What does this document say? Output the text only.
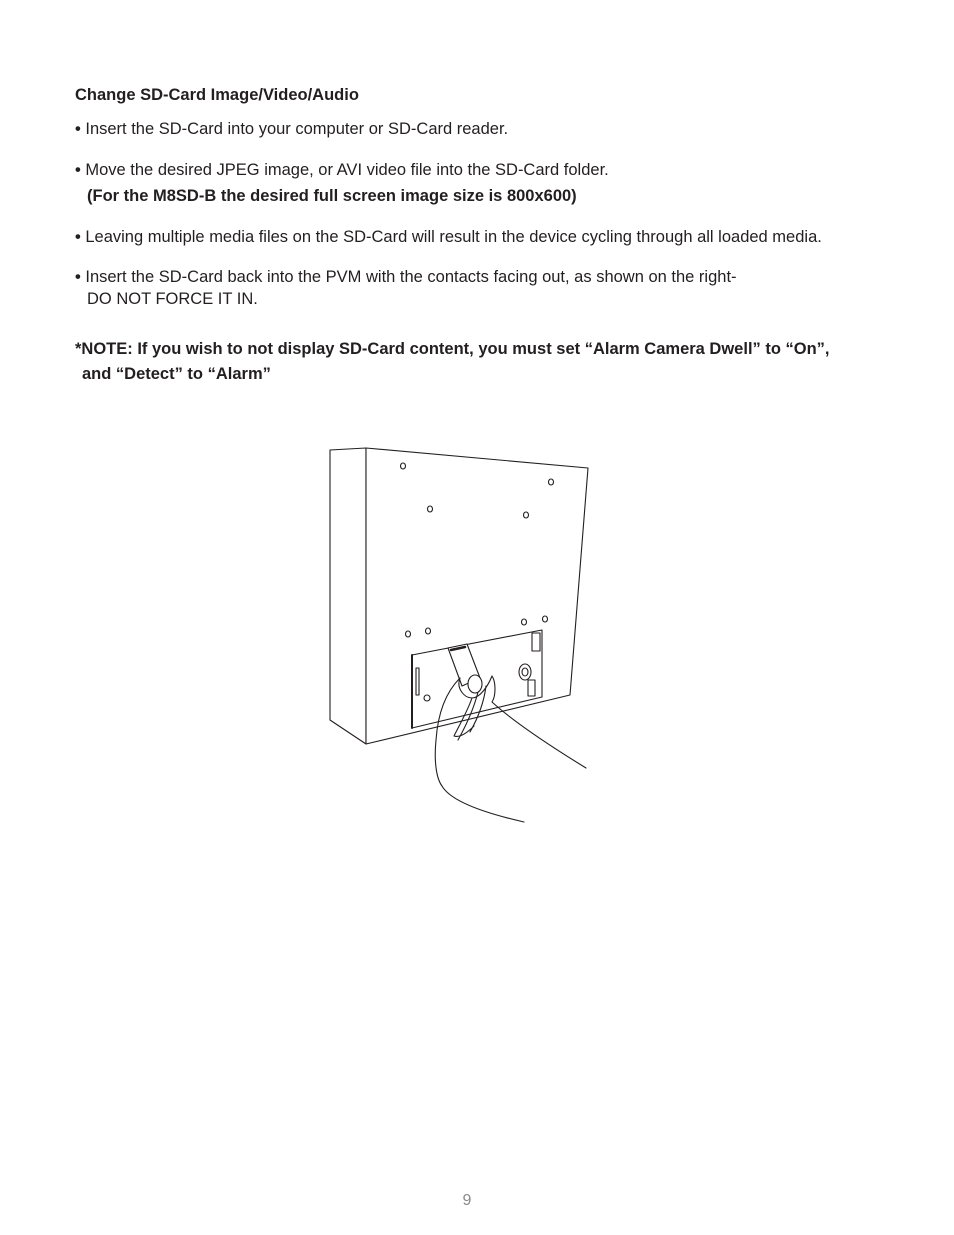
Change SD-Card Image/Video/Audio
• Insert the SD-Card into your computer or SD-Card reader.
• Move the desired JPEG image, or AVI video file into the SD-Card folder.
(For the M8SD-B the desired full screen image size is 800x600)
• Leaving multiple media files on the SD-Card will result in the device cycling through all loaded media.
• Insert the SD-Card back into the PVM with the contacts facing out, as shown on the right-
DO NOT FORCE IT IN.
*NOTE: If you wish to not display SD-Card content, you must set “Alarm Camera Dwell” to “On”,
and “Detect” to “Alarm”
9
